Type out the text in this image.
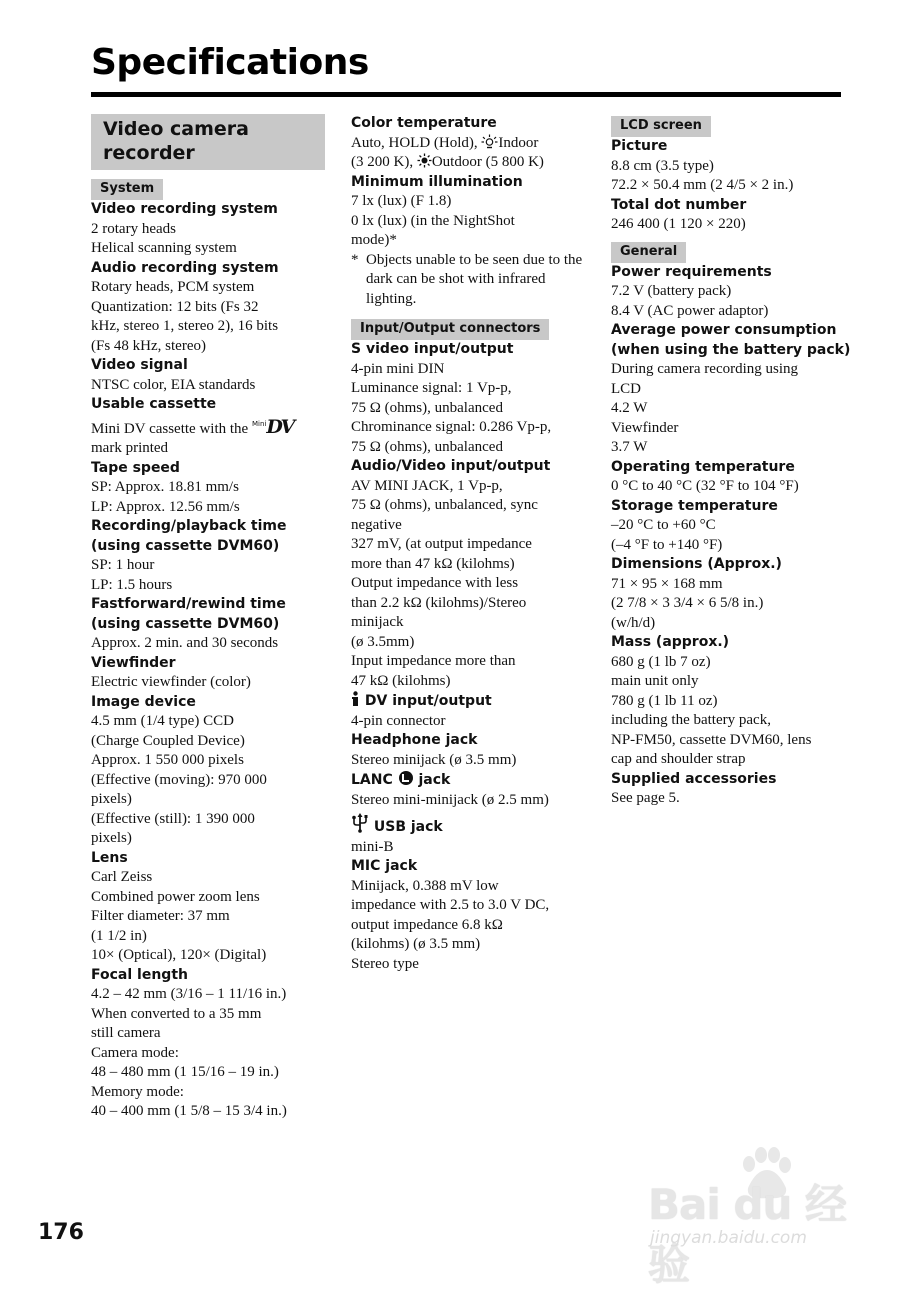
Specifications
Video camera recorder
System

Video recording system

2 rotary heads

Helical scanning system

Audio recording system

Rotary heads, PCM system

Quantization: 12 bits (Fs 32

kHz, stereo 1, stereo 2), 16 bits

(Fs 48 kHz, stereo)

Video signal

NTSC color, EIA standards

Usable cassette

Mini DV cassette with the $^{Mini}$DV

mark printed

Tape speed

SP: Approx. 18.81 mm/s

LP: Approx. 12.56 mm/s

Recording/playback time (using cassette DVM60)

SP: 1 hour

LP: 1.5 hours

Fastforward/rewind time (using cassette DVM60)

Approx. 2 min. and 30 seconds

Viewfinder

Electric viewfinder (color)

Image device

4.5 mm (1/4 type) CCD

(Charge Coupled Device)

Approx. 1 550 000 pixels

(Effective (moving): 970 000

pixels)

(Effective (still): 1 390 000

pixels)

Lens

Carl Zeiss

Combined power zoom lens

Filter diameter: 37 mm

(1 1/2 in)

10× (Optical), 120× (Digital)

Focal length

4.2 – 42 mm (3/16 – 1 11/16 in.)

When converted to a 35 mm

still camera

Camera mode:

48 – 480 mm (1 15/16 – 19 in.)

Memory mode:

40 – 400 mm (1 5/8 – 15 3/4 in.)

Color temperature

Auto, HOLD (Hold), Indoor

(3 200 K), Outdoor (5 800 K)

Minimum illumination

7 lx (lux) (F 1.8)

0 lx (lux) (in the NightShot

mode)*

* Objects unable to be seen due to the dark can be shot with infrared lighting.

Input/Output connectors

S video input/output

4-pin mini DIN

Luminance signal: 1 Vp-p,

75 Ω (ohms), unbalanced

Chrominance signal: 0.286 Vp-p,

75 Ω (ohms), unbalanced

Audio/Video input/output

AV MINI JACK, 1 Vp-p,

75 Ω (ohms), unbalanced, sync

negative

327 mV, (at output impedance

more than 47 kΩ (kilohms)

Output impedance with less

than 2.2 kΩ (kilohms)/Stereo

minijack

(ø 3.5mm)

Input impedance more than

47 kΩ (kilohms)

DV input/output

4-pin connector

Headphone jack

Stereo minijack (ø 3.5 mm)

LANC jack

Stereo mini-minijack (ø 2.5 mm)

USB jack

mini-B

MIC jack

Minijack, 0.388 mV low

impedance with 2.5 to 3.0 V DC,

output impedance 6.8 kΩ

(kilohms) (ø 3.5 mm)

Stereo type

LCD screen

Picture

8.8 cm (3.5 type)

72.2 × 50.4 mm (2 4/5 × 2 in.)

Total dot number

246 400 (1 120 × 220)

General

Power requirements

7.2 V (battery pack)

8.4 V (AC power adaptor)

Average power consumption (when using the battery pack)

During camera recording using

LCD

4.2 W

Viewfinder

3.7 W

Operating temperature

0 °C to 40 °C (32 °F to 104 °F)

Storage temperature

–20 °C to +60 °C

(–4 °F to +140 °F)

Dimensions (Approx.)

71 × 95 × 168 mm

(2 7/8 × 3 3/4 × 6 5/8 in.)

(w/h/d)

Mass (approx.)

680 g (1 lb 7 oz)

main unit only

780 g (1 lb 11 oz)

including the battery pack,

NP-FM50, cassette DVM60, lens

cap and shoulder strap

Supplied accessories

See page 5.

176
Bai du 经验
jingyan.baidu.com
